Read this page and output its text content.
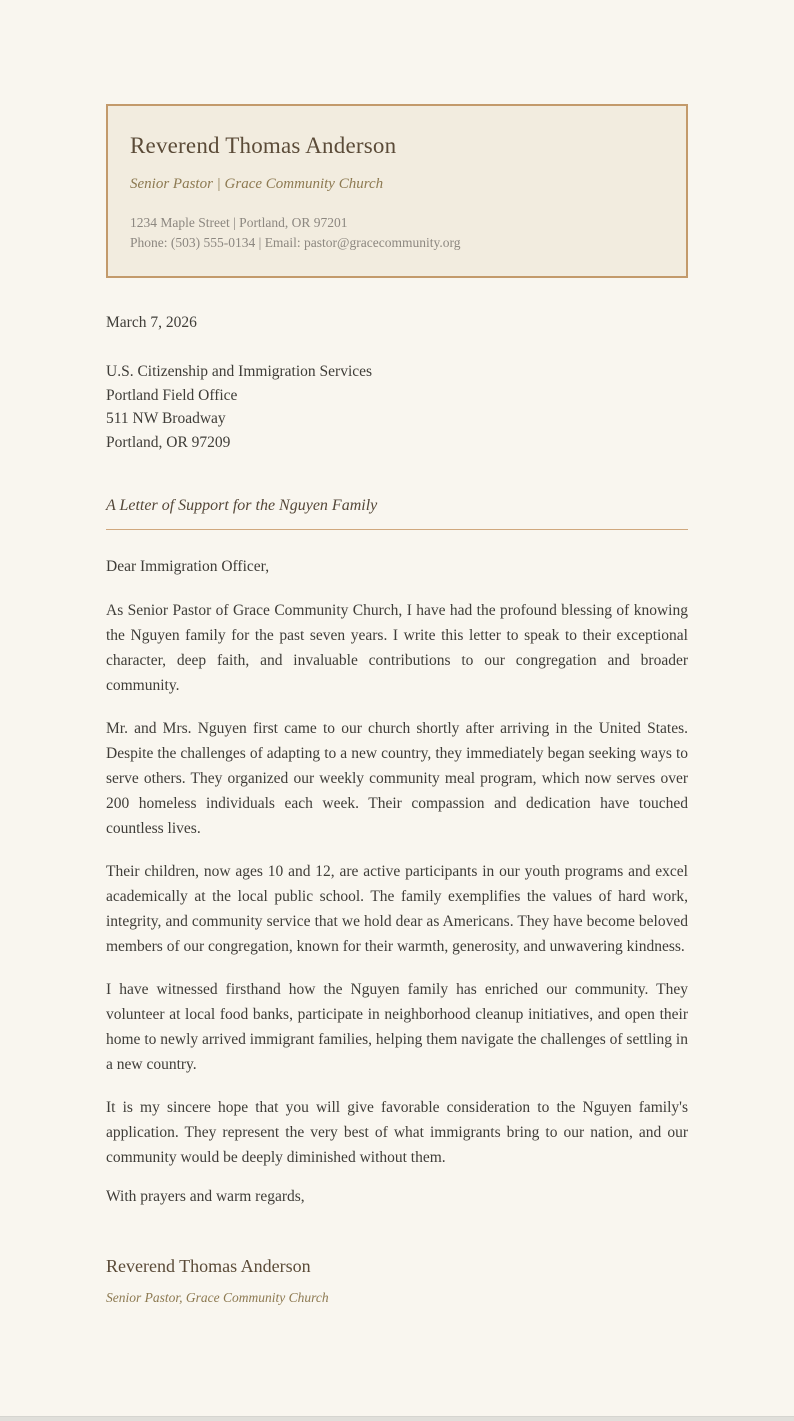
Reverend Thomas Anderson
Senior Pastor | Grace Community Church
1234 Maple Street | Portland, OR 97201
Phone: (503) 555-0134 | Email: pastor@gracecommunity.org
March 7, 2026
U.S. Citizenship and Immigration Services
Portland Field Office
511 NW Broadway
Portland, OR 97209
A Letter of Support for the Nguyen Family
Dear Immigration Officer,

As Senior Pastor of Grace Community Church, I have had the profound blessing of knowing the Nguyen family for the past seven years. I write this letter to speak to their exceptional character, deep faith, and invaluable contributions to our congregation and broader community.

Mr. and Mrs. Nguyen first came to our church shortly after arriving in the United States. Despite the challenges of adapting to a new country, they immediately began seeking ways to serve others. They organized our weekly community meal program, which now serves over 200 homeless individuals each week. Their compassion and dedication have touched countless lives.

Their children, now ages 10 and 12, are active participants in our youth programs and excel academically at the local public school. The family exemplifies the values of hard work, integrity, and community service that we hold dear as Americans. They have become beloved members of our congregation, known for their warmth, generosity, and unwavering kindness.

I have witnessed firsthand how the Nguyen family has enriched our community. They volunteer at local food banks, participate in neighborhood cleanup initiatives, and open their home to newly arrived immigrant families, helping them navigate the challenges of settling in a new country.

It is my sincere hope that you will give favorable consideration to the Nguyen family's application. They represent the very best of what immigrants bring to our nation, and our community would be deeply diminished without them.

With prayers and warm regards,
Reverend Thomas Anderson
Senior Pastor, Grace Community Church
